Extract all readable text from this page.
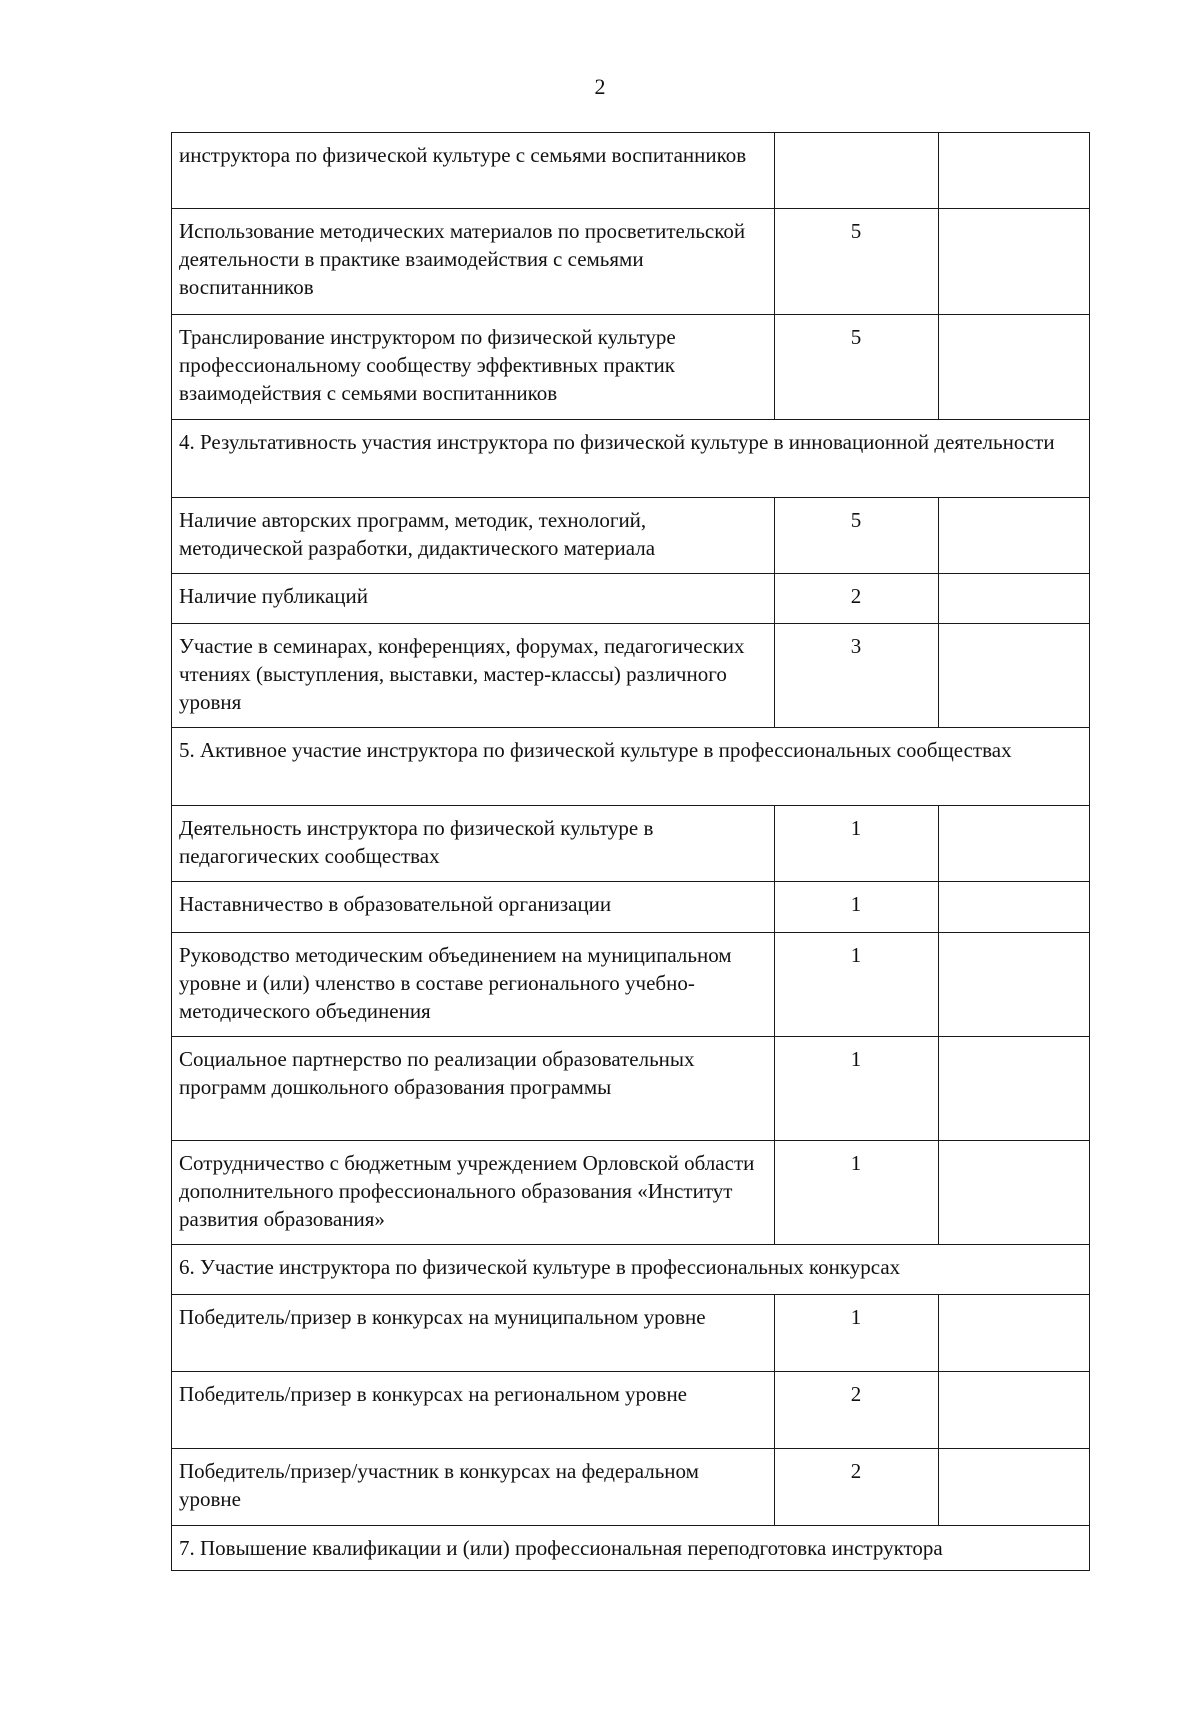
2
инструктора по физической культуре с семьями воспитанников		
Использование методических материалов по просветительской деятельности в практике взаимодействия с семьями воспитанников	5	
Транслирование инструктором по физической культуре профессиональному сообществу эффективных практик взаимодействия с семьями воспитанников	5	
4. Результативность участия инструктора по физической культуре в инновационной деятельности		
Наличие авторских программ, методик, технологий, методической разработки, дидактического материала	5	
Наличие публикаций	2	
Участие в семинарах, конференциях, форумах, педагогических чтениях (выступления, выставки, мастер-классы) различного уровня	3	
5. Активное участие инструктора по физической культуре в профессиональных сообществах		
Деятельность инструктора по физической культуре в педагогических сообществах	1	
Наставничество в образовательной организации	1	
Руководство методическим объединением на муниципальном уровне и (или) членство в составе регионального учебно-методического объединения	1	
Социальное партнерство по реализации образовательных программ дошкольного образования программы	1	
Сотрудничество с бюджетным учреждением Орловской области дополнительного профессионального образования «Институт развития образования»	1	
6. Участие инструктора по физической культуре в профессиональных конкурсах		
Победитель/призер в конкурсах на муниципальном уровне	1	
Победитель/призер в конкурсах на региональном уровне	2	
Победитель/призер/участник в конкурсах на федеральном уровне	2	
7. Повышение квалификации и (или) профессиональная переподготовка инструктора		
